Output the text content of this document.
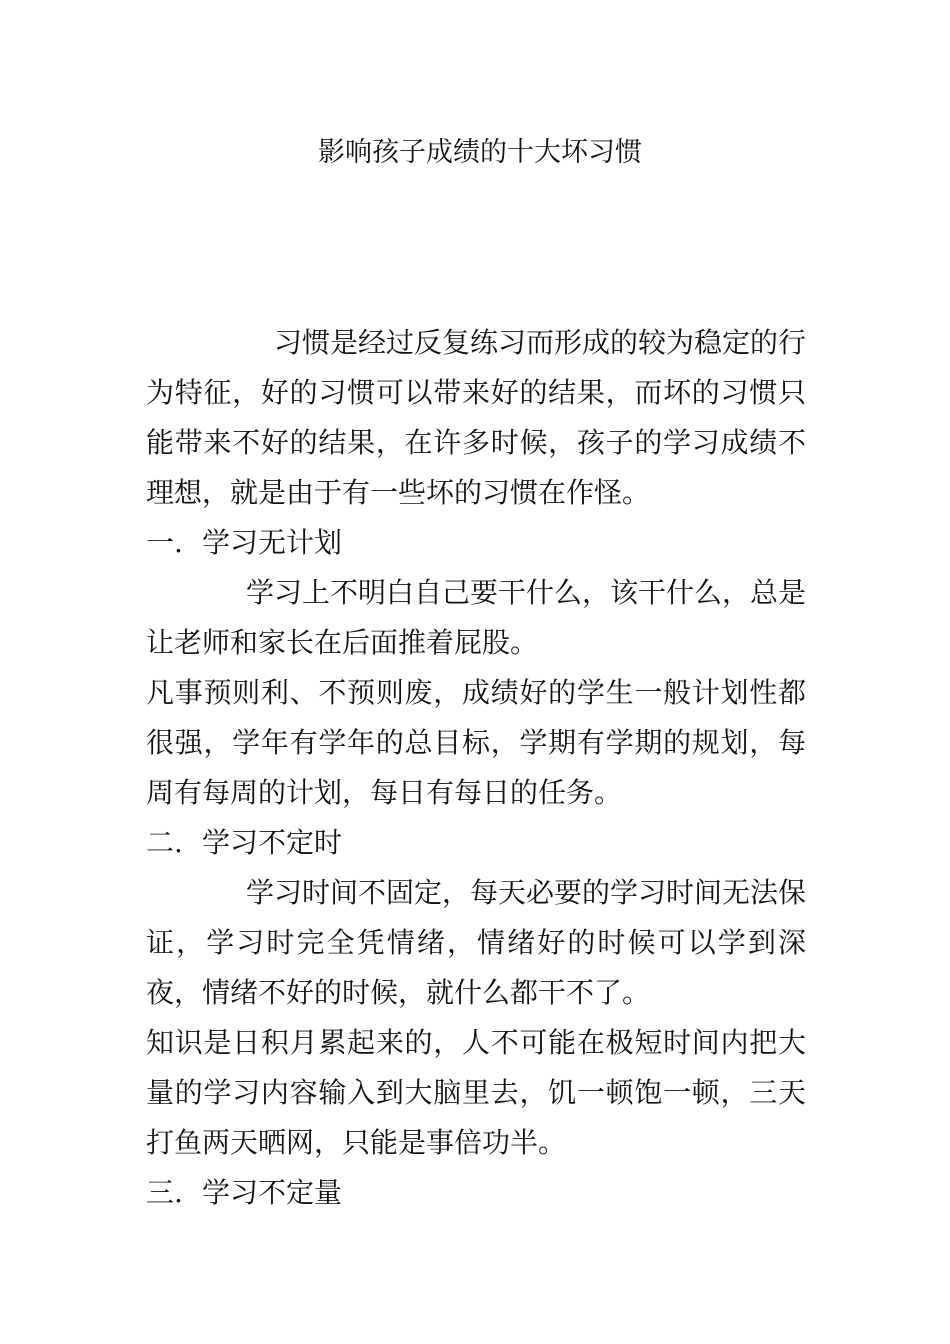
影响孩子成绩的十大坏习惯

习惯是经过反复练习而形成的较为稳定的行为特征，好的习惯可以带来好的结果，而坏的习惯只能带来不好的结果，在许多时候，孩子的学习成绩不理想，就是由于有一些坏的习惯在作怪。

一. 学习无计划

学习上不明白自己要干什么，该干什么，总是让老师和家长在后面推着屁股。

凡事预则利、不预则废，成绩好的学生一般计划性都很强，学年有学年的总目标，学期有学期的规划，每周有每周的计划，每日有每日的任务。

二. 学习不定时

学习时间不固定，每天必要的学习时间无法保证，学习时完全凭情绪，情绪好的时候可以学到深夜，情绪不好的时候，就什么都干不了。

知识是日积月累起来的，人不可能在极短时间内把大量的学习内容输入到大脑里去，饥一顿饱一顿，三天打鱼两天晒网，只能是事倍功半。

三. 学习不定量
